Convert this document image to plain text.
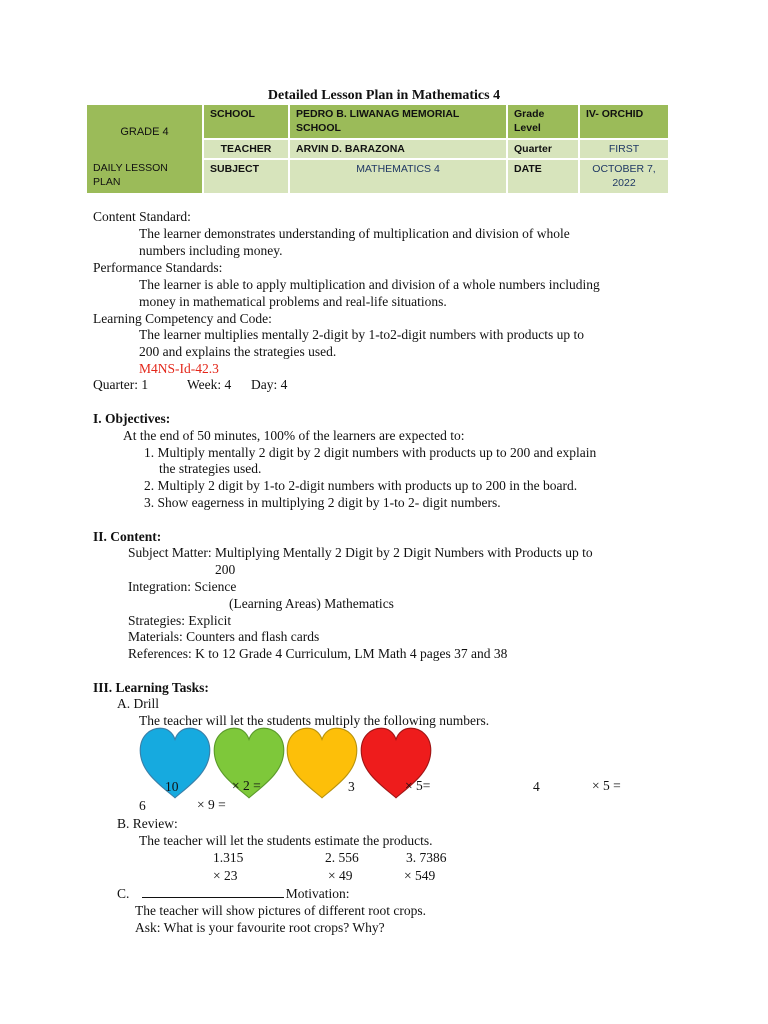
Detailed Lesson Plan in Mathematics 4
GRADE 4	SCHOOL	PEDRO B. LIWANAG MEMORIAL SCHOOL	Grade Level	IV- ORCHID
	TEACHER	ARVIN D. BARAZONA	Quarter	FIRST
DAILY LESSON PLAN	SUBJECT	MATHEMATICS 4	DATE	OCTOBER 7, 2022
Content Standard:
The learner demonstrates understanding of multiplication and division of whole
numbers including money.
Performance Standards:
The learner is able to apply multiplication and division of a whole numbers including
money in mathematical problems and real-life situations.
Learning Competency and Code:
The learner multiplies mentally 2-digit by 1-to2-digit numbers with products up to
200 and explains the strategies used.
M4NS-Id-42.3
Quarter: 1	Week: 4 Day: 4
I. Objectives:
At the end of 50 minutes, 100% of the learners are expected to:
1. Multiply mentally 2 digit by 2 digit numbers with products up to 200 and explain
the strategies used.
2. Multiply 2 digit by 1-to 2-digit numbers with products up to 200 in the board.
3. Show eagerness in multiplying 2 digit by 1-to 2- digit numbers.
II. Content:
Subject Matter: Multiplying Mentally 2 Digit by 2 Digit Numbers with Products up to
200
Integration: Science
(Learning Areas) Mathematics
Strategies: Explicit
Materials: Counters and flash cards
References: K to 12 Grade 4 Curriculum, LM Math 4 pages 37 and 38
III. Learning Tasks:
A. Drill
The teacher will let the students multiply the following numbers.
10	× 2 =	3	× 5=	4	× 5 =
6	× 9 =
B. Review:
The teacher will let the students estimate the products.
1.315
× 23
2. 556
× 49
3. 7386
× 549
C.	Motivation:
The teacher will show pictures of different root crops.
Ask: What is your favourite root crops? Why?
